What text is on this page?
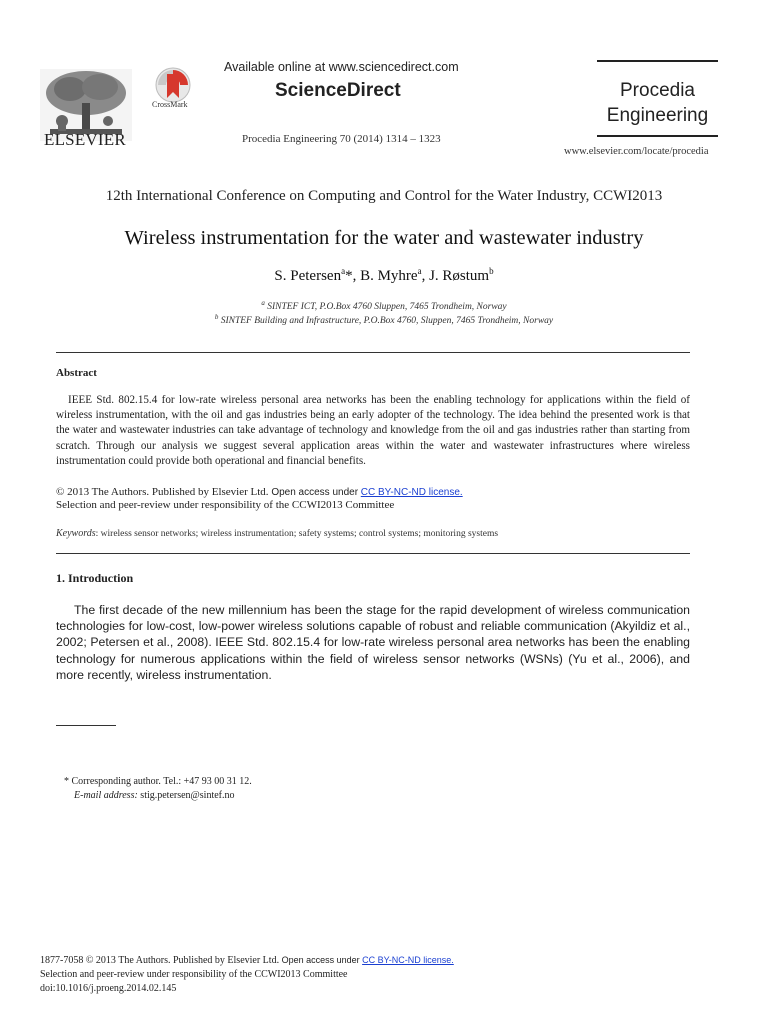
ELSEVIER
CrossMark
Available online at www.sciencedirect.com
ScienceDirect
Procedia Engineering 70 (2014) 1314 – 1323
Procedia
Engineering
www.elsevier.com/locate/procedia
12th International Conference on Computing and Control for the Water Industry, CCWI2013
Wireless instrumentation for the water and wastewater industry
S. Petersen$^a$*, B. Myhre$^a$, J. Røstum$^b$
$^a$ SINTEF ICT, P.O.Box 4760 Sluppen, 7465 Trondheim, Norway
$^b$ SINTEF Building and Infrastructure, P.O.Box 4760, Sluppen, 7465 Trondheim, Norway
Abstract

IEEE Std. 802.15.4 for low-rate wireless personal area networks has been the enabling technology for applications within the field of wireless instrumentation, with the oil and gas industries being an early adopter of the technology. The idea behind the presented work is that the water and wastewater industries can take advantage of technology and knowledge from the oil and gas industries rather than starting from scratch. Through our analysis we suggest several application areas within the water and wastewater infrastructures where wireless instrumentation could provide both operational and financial benefits.

© 2013 The Authors. Published by Elsevier Ltd. Open access under CC BY-NC-ND license.
Selection and peer-review under responsibility of the CCWI2013 Committee
Keywords: wireless sensor networks; wireless instrumentation; safety systems; control systems; monitoring systems
1. Introduction

The first decade of the new millennium has been the stage for the rapid development of wireless communication technologies for low-cost, low-power wireless solutions capable of robust and reliable communication (Akyildiz et al., 2002; Petersen et al., 2008). IEEE Std. 802.15.4 for low-rate wireless personal area networks has been the enabling technology for numerous applications within the field of wireless sensor networks (WSNs) (Yu et al., 2006), and more recently, wireless instrumentation.

* Corresponding author. Tel.: +47 93 00 31 12.
E-mail address: stig.petersen@sintef.no
1877-7058 © 2013 The Authors. Published by Elsevier Ltd. Open access under CC BY-NC-ND license.
Selection and peer-review under responsibility of the CCWI2013 Committee
doi:10.1016/j.proeng.2014.02.145
